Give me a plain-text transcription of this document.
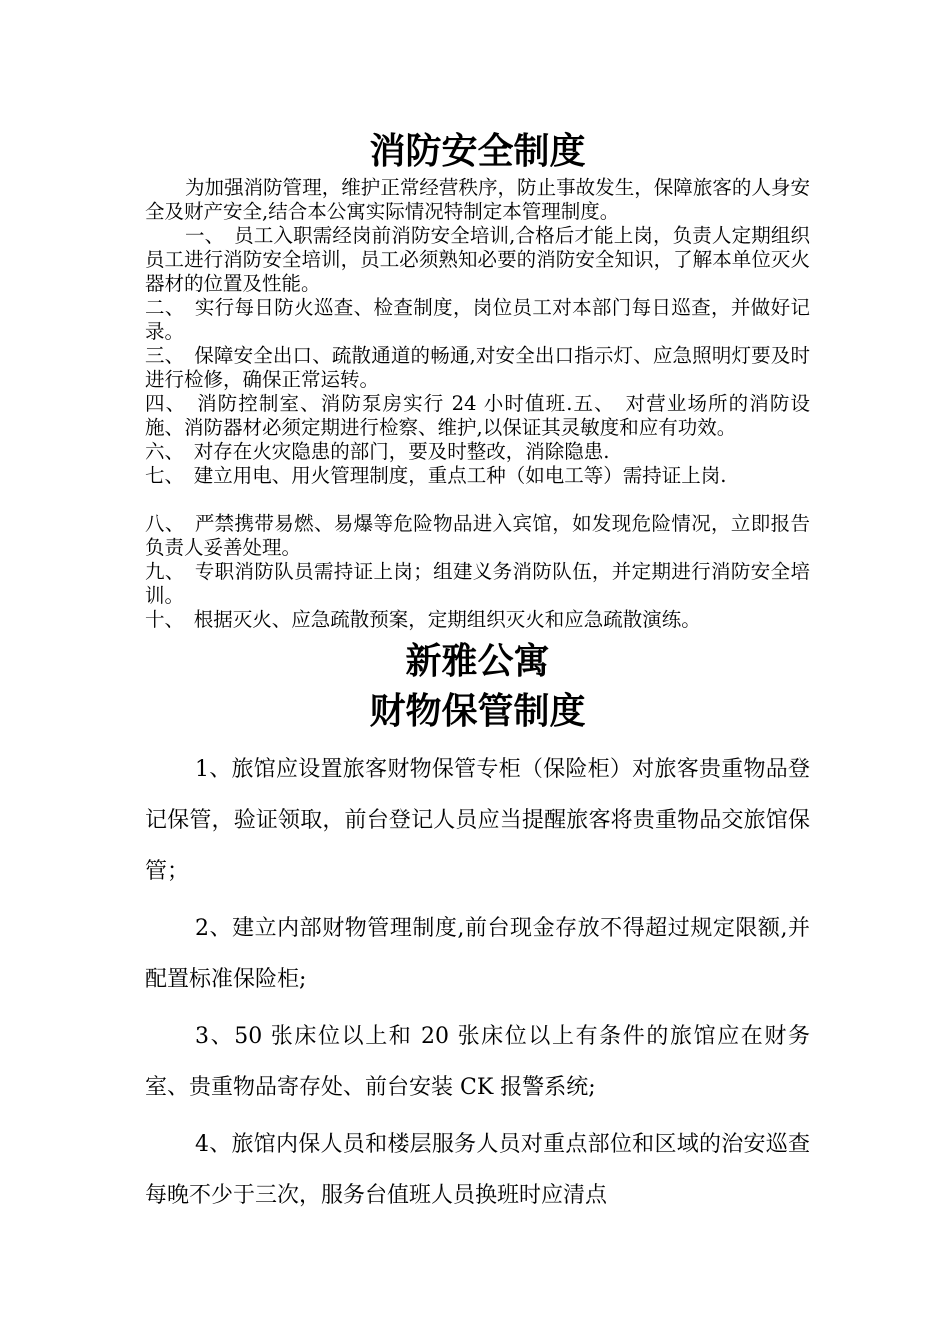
消防安全制度

为加强消防管理，维护正常经营秩序，防止事故发生，保障旅客的人身安全及财产安全,结合本公寓实际情况特制定本管理制度。

一、　员工入职需经岗前消防安全培训,合格后才能上岗，负责人定期组织员工进行消防安全培训，员工必须熟知必要的消防安全知识，了解本单位灭火器材的位置及性能。

二、　实行每日防火巡查、检查制度，岗位员工对本部门每日巡查，并做好记录。

三、　保障安全出口、疏散通道的畅通,对安全出口指示灯、应急照明灯要及时进行检修，确保正常运转。

四、　消防控制室、消防泵房实行 24 小时值班.五、　对营业场所的消防设施、消防器材必须定期进行检察、维护,以保证其灵敏度和应有功效。

六、　对存在火灾隐患的部门，要及时整改，消除隐患.

七、　建立用电、用火管理制度，重点工种（如电工等）需持证上岗.

八、　严禁携带易燃、易爆等危险物品进入宾馆，如发现危险情况，立即报告负责人妥善处理。

九、　专职消防队员需持证上岗；组建义务消防队伍，并定期进行消防安全培训。

十、　根据灭火、应急疏散预案，定期组织灭火和应急疏散演练。

新雅公寓
财物保管制度

1、旅馆应设置旅客财物保管专柜（保险柜）对旅客贵重物品登记保管，验证领取，前台登记人员应当提醒旅客将贵重物品交旅馆保管；

2、建立内部财物管理制度,前台现金存放不得超过规定限额,并配置标准保险柜;

3、50 张床位以上和 20 张床位以上有条件的旅馆应在财务室、贵重物品寄存处、前台安装 CK 报警系统;

4、旅馆内保人员和楼层服务人员对重点部位和区域的治安巡查每晚不少于三次，服务台值班人员换班时应清点
